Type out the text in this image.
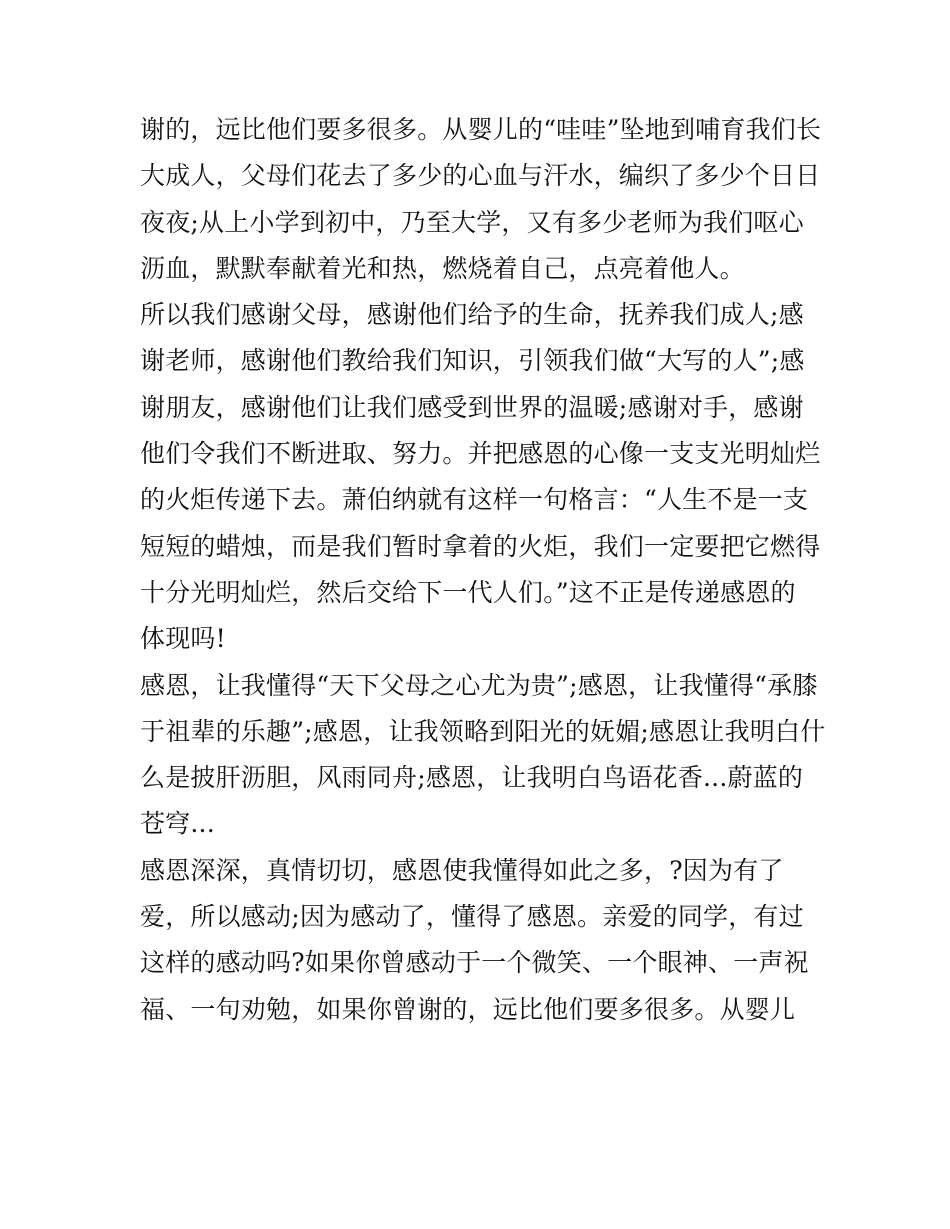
谢的，远比他们要多很多。从婴儿的“哇哇”坠地到哺育我们长
大成人，父母们花去了多少的心血与汗水，编织了多少个日日
夜夜;从上小学到初中，乃至大学，又有多少老师为我们呕心
沥血，默默奉献着光和热，燃烧着自己，点亮着他人。
所以我们感谢父母，感谢他们给予的生命，抚养我们成人;感
谢老师，感谢他们教给我们知识，引领我们做“大写的人”;感
谢朋友，感谢他们让我们感受到世界的温暖;感谢对手，感谢
他们令我们不断进取、努力。并把感恩的心像一支支光明灿烂
的火炬传递下去。萧伯纳就有这样一句格言：“人生不是一支
短短的蜡烛，而是我们暂时拿着的火炬，我们一定要把它燃得
十分光明灿烂，然后交给下一代人们。”这不正是传递感恩的
体现吗!
感恩，让我懂得“天下父母之心尤为贵”;感恩，让我懂得“承膝
于祖辈的乐趣”;感恩，让我领略到阳光的妩媚;感恩让我明白什
么是披肝沥胆，风雨同舟;感恩，让我明白鸟语花香...蔚蓝的
苍穹...
感恩深深，真情切切，感恩使我懂得如此之多，?因为有了
爱，所以感动;因为感动了，懂得了感恩。亲爱的同学，有过
这样的感动吗?如果你曾感动于一个微笑、一个眼神、一声祝
福、一句劝勉，如果你曾谢的，远比他们要多很多。从婴儿
